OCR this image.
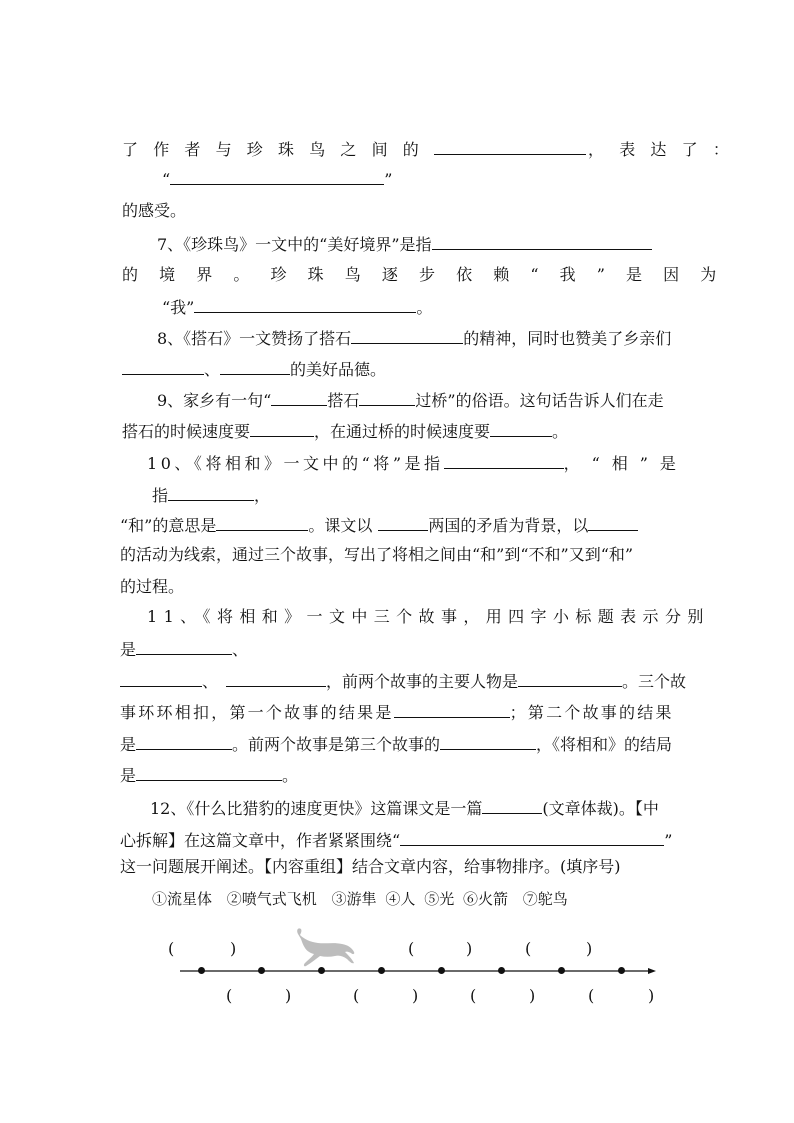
了作者与珍珠鸟之间的	，表达了：
“	”
的感受。
7、《珍珠鸟》一文中的“美好境界”是指
的境界。珍珠鸟逐步依赖“我”是因为
“我”	。
8、《搭石》一文赞扬了搭石	的精神，同时也赞美了乡亲们
、	的美好品德。
9、家乡有一句“	搭石	过桥”的俗语。这句话告诉人们在走
搭石的时候速度要	，在通过桥的时候速度要	。
10、《将相和》一文中的“将”是指	，“相”是
指	，
“和”的意思是	。课文以	两国的矛盾为背景，以
的活动为线索，通过三个故事，写出了将相之间由“和”到“不和”又到“和”
的过程。
11、《将相和》一文中三个故事，用四字小标题表示分别
是	、
、	，前两个故事的主要人物是	。三个故
事环环相扣，第一个故事的结果是	；第二个故事的结果
是	。前两个故事是第三个故事的	，《将相和》的结局
是	。
12、《什么比猎豹的速度更快》这篇课文是一篇	(文章体裁)。【中
心拆解】在这篇文章中，作者紧紧围绕“	”
这一问题展开阐述。【内容重组】结合文章内容，给事物排序。(填序号)
①流星体 ②喷气式飞机 ③游隼 ④人 ⑤光 ⑥火箭 ⑦鸵鸟
(	)	(	)	(	)
(	)	(	)	(	)	(	)
